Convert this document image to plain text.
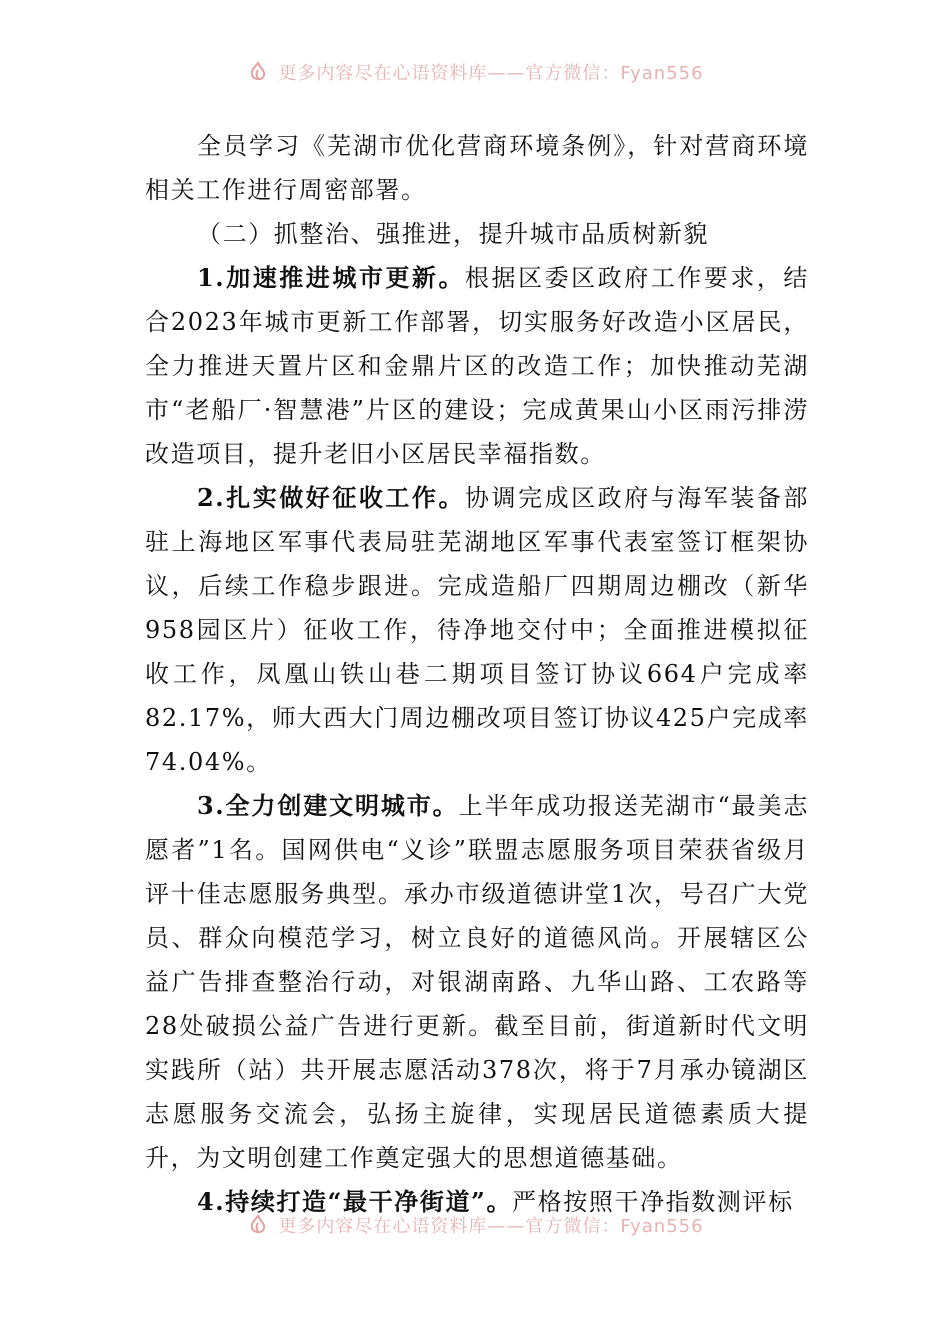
更多内容尽在心语资料库——官方微信：Fyan556

全员学习《芜湖市优化营商环境条例》，针对营商环境相关工作进行周密部署。

（二）抓整治、强推进，提升城市品质树新貌

1.加速推进城市更新。根据区委区政府工作要求，结合2023年城市更新工作部署，切实服务好改造小区居民，全力推进天置片区和金鼎片区的改造工作；加快推动芜湖市“老船厂·智慧港”片区的建设；完成黄果山小区雨污排涝改造项目，提升老旧小区居民幸福指数。

2.扎实做好征收工作。协调完成区政府与海军装备部驻上海地区军事代表局驻芜湖地区军事代表室签订框架协议，后续工作稳步跟进。完成造船厂四期周边棚改（新华958园区片）征收工作，待净地交付中；全面推进模拟征收工作，凤凰山铁山巷二期项目签订协议664户完成率82.17%，师大西大门周边棚改项目签订协议425户完成率74.04%。

3.全力创建文明城市。上半年成功报送芜湖市“最美志愿者”1名。国网供电“义诊”联盟志愿服务项目荣获省级月评十佳志愿服务典型。承办市级道德讲堂1次，号召广大党员、群众向模范学习，树立良好的道德风尚。开展辖区公益广告排查整治行动，对银湖南路、九华山路、工农路等28处破损公益广告进行更新。截至目前，街道新时代文明实践所（站）共开展志愿活动378次，将于7月承办镜湖区志愿服务交流会，弘扬主旋律，实现居民道德素质大提升，为文明创建工作奠定强大的思想道德基础。

4.持续打造“最干净街道”。严格按照干净指数测评标

更多内容尽在心语资料库——官方微信：Fyan556
